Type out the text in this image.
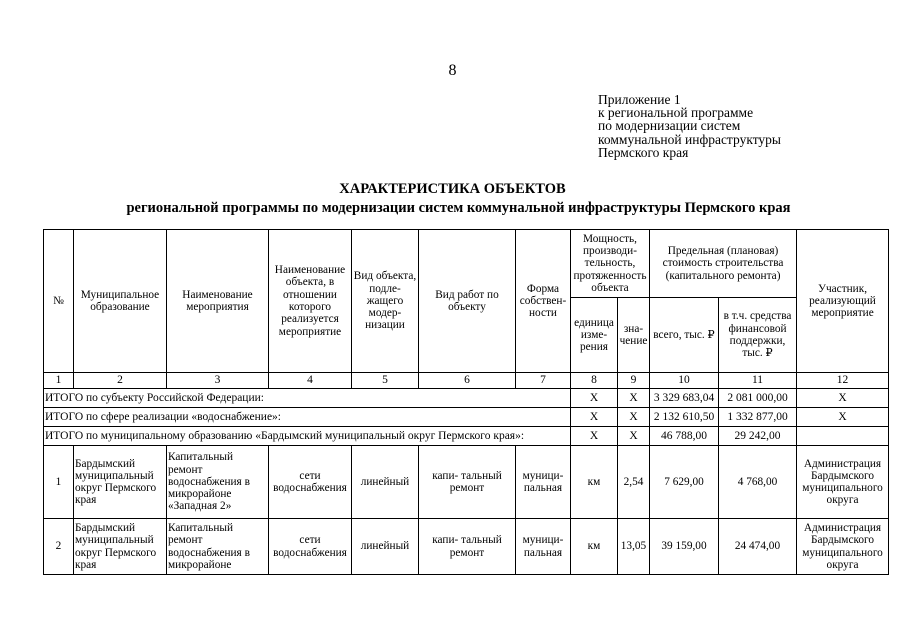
8
Приложение 1
к региональной программе
по модернизации систем
коммунальной инфраструктуры
Пермского края
ХАРАКТЕРИСТИКА ОБЪЕКТОВ
региональной программы по модернизации систем коммунальной инфраструктуры Пермского края
№	Муниципальное образование	Наименование мероприятия	Наименование объекта, в отношении которого реализуется мероприятие	Вид объекта, подле- жащего модер- низации	Вид работ по объекту	Форма собствен- ности	Мощность, производи- тельность, протяженность объекта		Предельная (плановая) стоимость строительства (капитального ремонта)		Участник, реализующий мероприятие
							единица изме- рения	зна- чение	всего, тыс. ₽	в т.ч. средства финансовой поддержки, тыс. ₽	
1	2	3	4	5	6	7	8	9	10	11	12
ИТОГО по субъекту Российской Федерации:							Х	Х	3 329 683,04	2 081 000,00	Х
ИТОГО по сфере реализации «водоснабжение»:							Х	Х	2 132 610,50	1 332 877,00	Х
ИТОГО по муниципальному образованию «Бардымский муниципальный округ Пермского края»:							Х	Х	46 788,00	29 242,00	
1	Бардымский муниципальный округ Пермского края	Капитальный ремонт водоснабжения в микрорайоне «Западная 2»	сети водоснабжения	линейный	капи- тальный ремонт	муници- пальная	км	2,54	7 629,00	4 768,00	Администрация Бардымского муниципального округа
2	Бардымский муниципальный округ Пермского края	Капитальный ремонт водоснабжения в микрорайоне	сети водоснабжения	линейный	капи- тальный ремонт	муници- пальная	км	13,05	39 159,00	24 474,00	Администрация Бардымского муниципального округа
